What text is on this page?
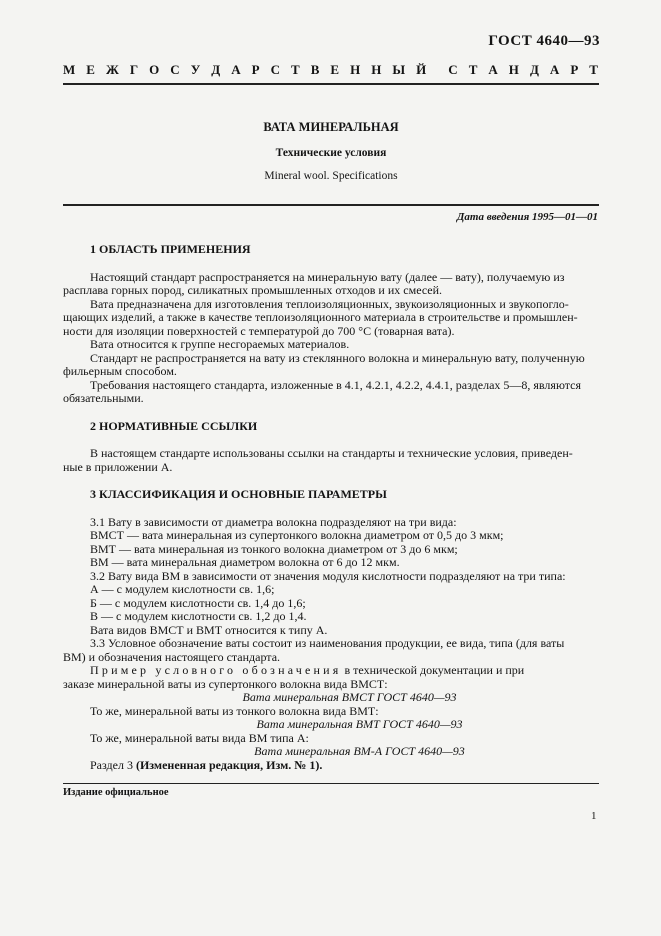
ГОСТ 4640—93
М Е Ж Г О С У Д А Р С Т В Е Н Н Ы Й С Т А Н Д А Р Т
ВАТА МИНЕРАЛЬНАЯ
Технические условия
Mineral wool. Specifications
Дата введения 1995—01—01
1 ОБЛАСТЬ ПРИМЕНЕНИЯ

Настоящий стандарт распространяется на минеральную вату (далее — вату), получаемую из

расплава горных пород, силикатных промышленных отходов и их смесей.

Вата предназначена для изготовления теплоизоляционных, звукоизоляционных и звукопогло-

щающих изделий, а также в качестве теплоизоляционного материала в строительстве и промышлен-

ности для изоляции поверхностей с температурой до 700 °С (товарная вата).

Вата относится к группе несгораемых материалов.

Стандарт не распространяется на вату из стеклянного волокна и минеральную вату, полученную

фильерным способом.

Требования настоящего стандарта, изложенные в 4.1, 4.2.1, 4.2.2, 4.4.1, разделах 5—8, являются

обязательными.

2 НОРМАТИВНЫЕ ССЫЛКИ

В настоящем стандарте использованы ссылки на стандарты и технические условия, приведен-

ные в приложении А.

3 КЛАССИФИКАЦИЯ И ОСНОВНЫЕ ПАРАМЕТРЫ

3.1 Вату в зависимости от диаметра волокна подразделяют на три вида:

ВМСТ — вата минеральная из супертонкого волокна диаметром от 0,5 до 3 мкм;

ВМТ — вата минеральная из тонкого волокна диаметром от 3 до 6 мкм;

ВМ — вата минеральная диаметром волокна от 6 до 12 мкм.

3.2 Вату вида ВМ в зависимости от значения модуля кислотности подразделяют на три типа:

А — с модулем кислотности св. 1,6;

Б — с модулем кислотности св. 1,4 до 1,6;

В — с модулем кислотности св. 1,2 до 1,4.

Вата видов ВМСТ и ВМТ относится к типу А.

3.3 Условное обозначение ваты состоит из наименования продукции, ее вида, типа (для ваты

ВМ) и обозначения настоящего стандарта.

Пример условного обозначения в технической документации и при

заказе минеральной ваты из супертонкого волокна вида ВМСТ:

Вата минеральная ВМСТ ГОСТ 4640—93

То же, минеральной ваты из тонкого волокна вида ВМТ:

Вата минеральная ВМТ ГОСТ 4640—93

То же, минеральной ваты вида ВМ типа А:

Вата минеральная ВМ-А ГОСТ 4640—93

Раздел 3 (Измененная редакция, Изм. № 1).

Издание официальное
1
